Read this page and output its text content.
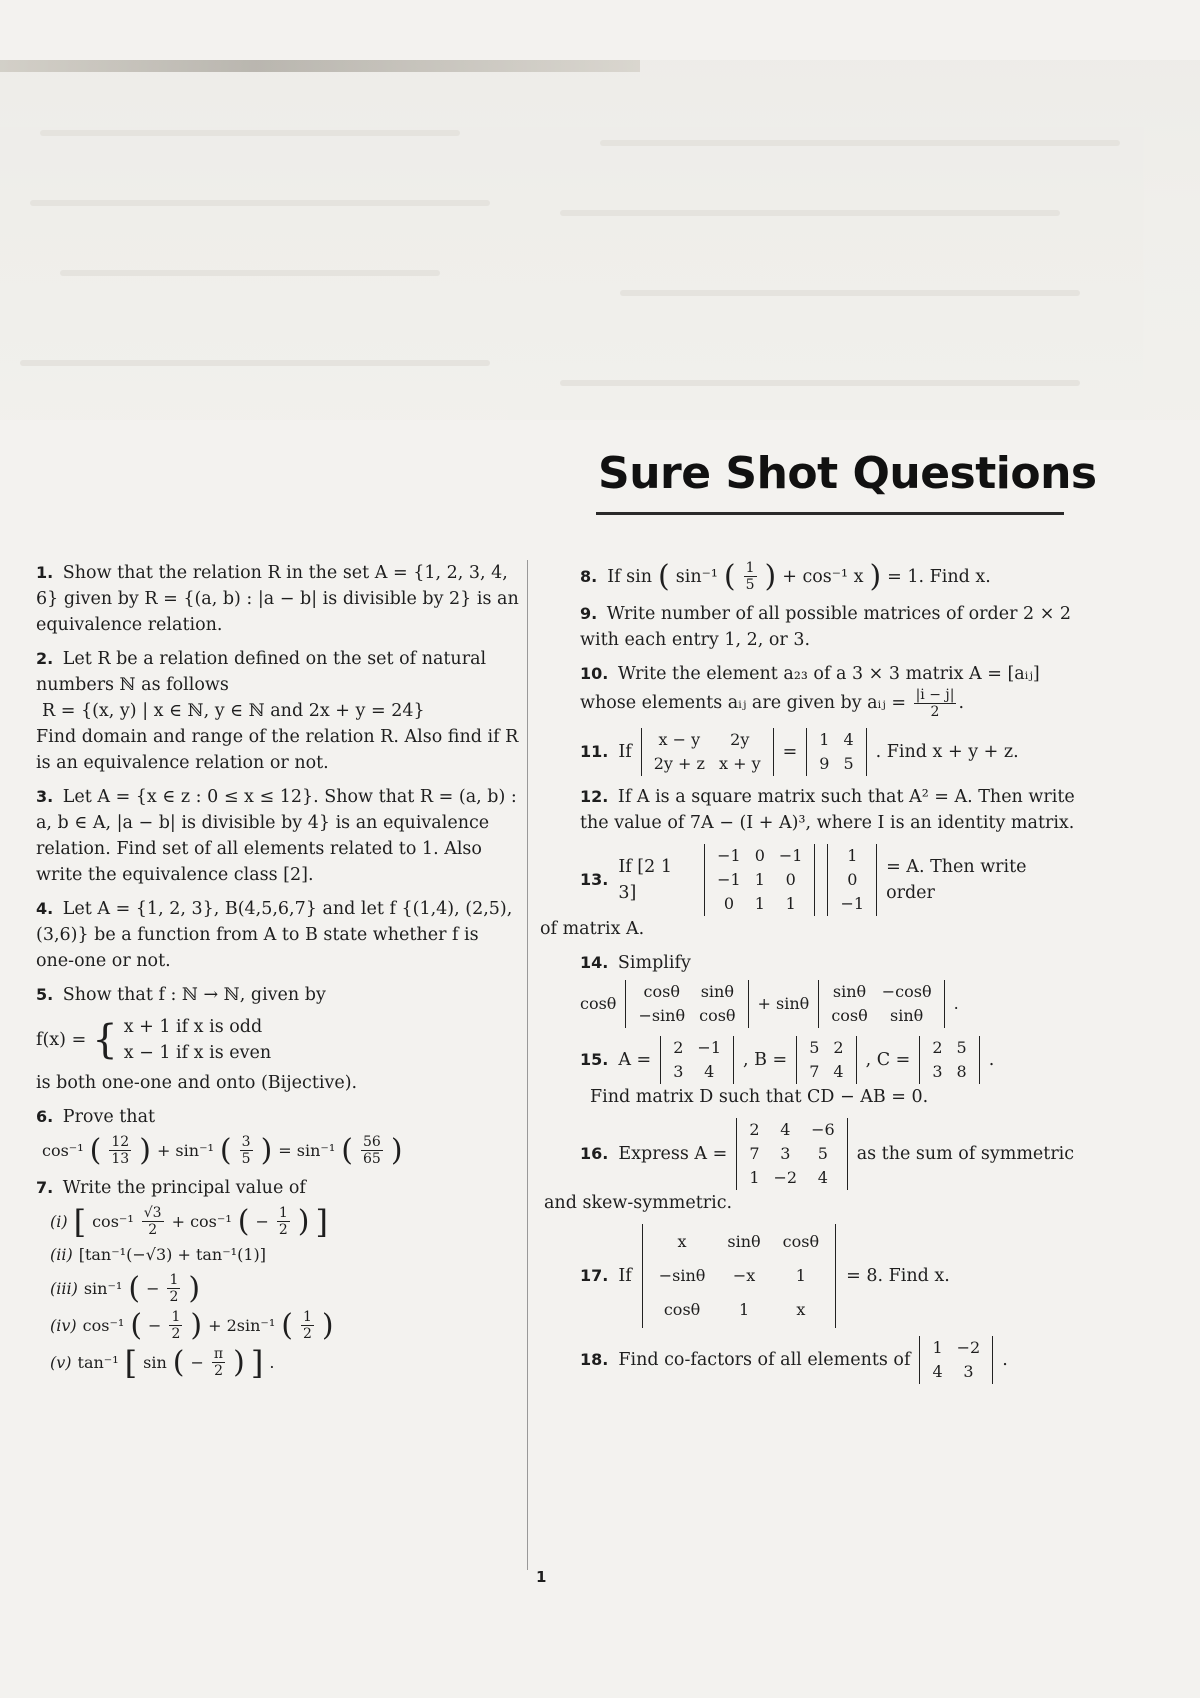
Sure Shot Questions
1. Show that the relation R in the set A = {1, 2, 3, 4, 6} given by R = {(a, b) : |a − b| is divisible by 2} is an equivalence relation.
2. Let R be a relation defined on the set of natural numbers ℕ as follows
R = {(x, y) | x ∈ ℕ, y ∈ ℕ and 2x + y = 24}
Find domain and range of the relation R. Also find if R is an equivalence relation or not.
3. Let A = {x ∈ z : 0 ≤ x ≤ 12}. Show that R = (a, b) : a, b ∈ A, |a − b| is divisible by 4} is an equivalence relation. Find set of all elements related to 1. Also write the equivalence class [2].
4. Let A = {1, 2, 3}, B(4,5,6,7} and let f {(1,4), (2,5), (3,6)} be a function from A to B state whether f is one-one or not.
5. Show that f : ℕ → ℕ, given by
f(x) = { x + 1 if x is odd
x − 1 if x is even
is both one-one and onto (Bijective).
6. Prove that
cos⁻¹ ( $\frac{12}{13}$ ) + sin⁻¹ ( $\frac{3}{5}$ ) = sin⁻¹ ( $\frac{56}{65}$ )
7. Write the principal value of
(i) [ $\cos^{-1} \frac{√3}{2} + \cos^{-1}$ ( − $\frac{1}{2}$ ) ]
(ii) [tan⁻¹(−√3) + tan⁻¹(1)]
(iii) sin⁻¹ ( − $\frac{1}{2}$ )
(iv) cos⁻¹ ( − $\frac{1}{2}$ ) + 2sin⁻¹ ( $\frac{1}{2}$ )
(v) tan⁻¹ [ sin ( − $\frac{\pi}{2}$ ) ] .
8. If sin ( sin⁻¹ ( $\frac{1}{5}$ ) + cos⁻¹ x ) = 1. Find x.
9. Write number of all possible matrices of order 2 × 2 with each entry 1, 2, or 3.
10. Write the element a₂₃ of a 3 × 3 matrix A = [aᵢⱼ] whose elements aᵢⱼ are given by aᵢⱼ = $\frac{|i - j|}{2}$ .
11. If
x − y	2y
2y + z	x + y
=
1	4
9	5
. Find x + y + z.
12. If A is a square matrix such that A² = A. Then write the value of 7A − (I + A)³, where I is an identity matrix.
13.
If [2 1 3]
−1	0	−1
−1	1	0
0	1	1
1
0
−1
= A. Then write order
of matrix A.
14. Simplify
cosθ
cosθ	sinθ
−sinθ	cosθ
+ sinθ
sinθ	−cosθ
cosθ	sinθ
.
15. A =
2	−1
3	4
, B =
5	2
7	4
, C =
2	5
3	8
.
Find matrix D such that CD − AB = 0.
16. Express A =
2	4	−6
7	3	5
1	−2	4
as the sum of symmetric
and skew-symmetric.
17. If
x	sinθ	cosθ
−sinθ	−x	1
cosθ	1	x
= 8. Find x.
18. Find co-factors of all elements of
1	−2
4	3
.
1
